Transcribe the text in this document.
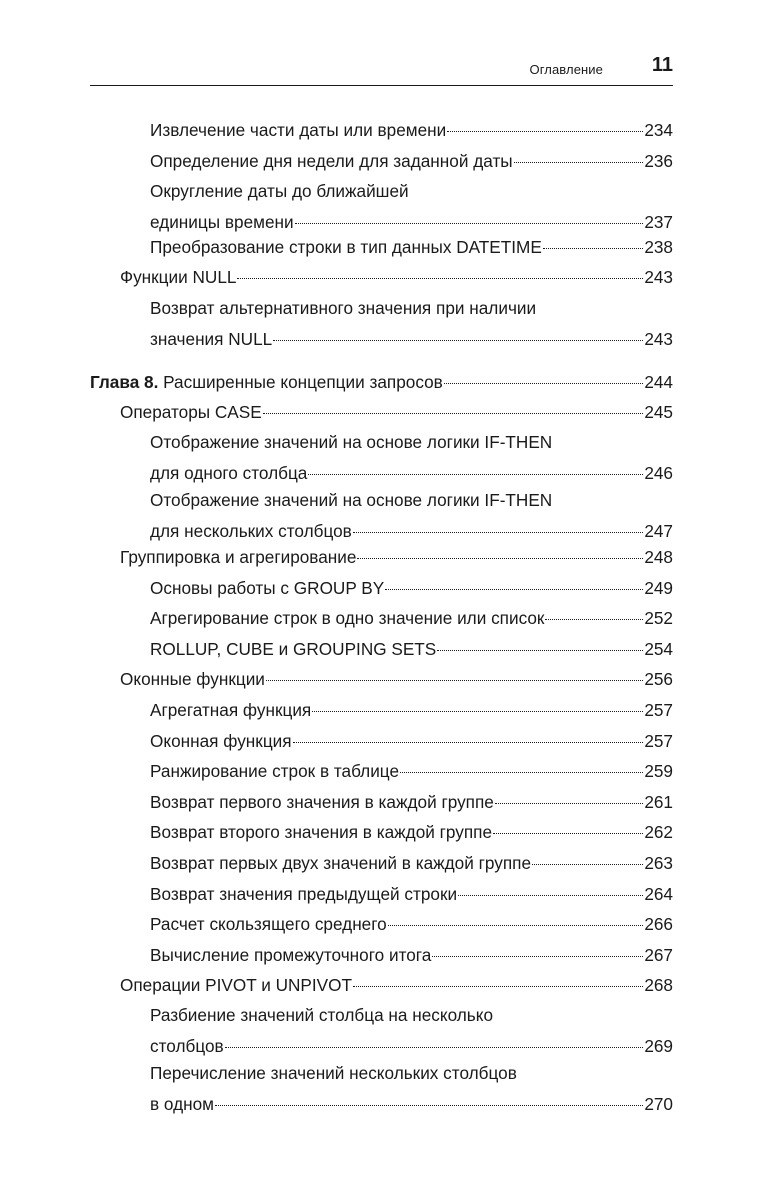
Оглавление 11
Извлечение части даты или времени	234
Определение дня недели для заданной даты	236
Округление даты до ближайшей
единицы времени	237
Преобразование строки в тип данных DATETIME	238
Функции NULL	243
Возврат альтернативного значения при наличии
значения NULL	243
Глава 8. Расширенные концепции запросов	244
Операторы CASE	245
Отображение значений на основе логики IF-THEN
для одного столбца	246
Отображение значений на основе логики IF-THEN
для нескольких столбцов	247
Группировка и агрегирование	248
Основы работы с GROUP BY	249
Агрегирование строк в одно значение или список	252
ROLLUP, CUBE и GROUPING SETS	254
Оконные функции	256
Агрегатная функция	257
Оконная функция	257
Ранжирование строк в таблице	259
Возврат первого значения в каждой группе	261
Возврат второго значения в каждой группе	262
Возврат первых двух значений в каждой группе	263
Возврат значения предыдущей строки	264
Расчет скользящего среднего	266
Вычисление промежуточного итога	267
Операции PIVOT и UNPIVOT	268
Разбиение значений столбца на несколько
столбцов	269
Перечисление значений нескольких столбцов
в одном	270
